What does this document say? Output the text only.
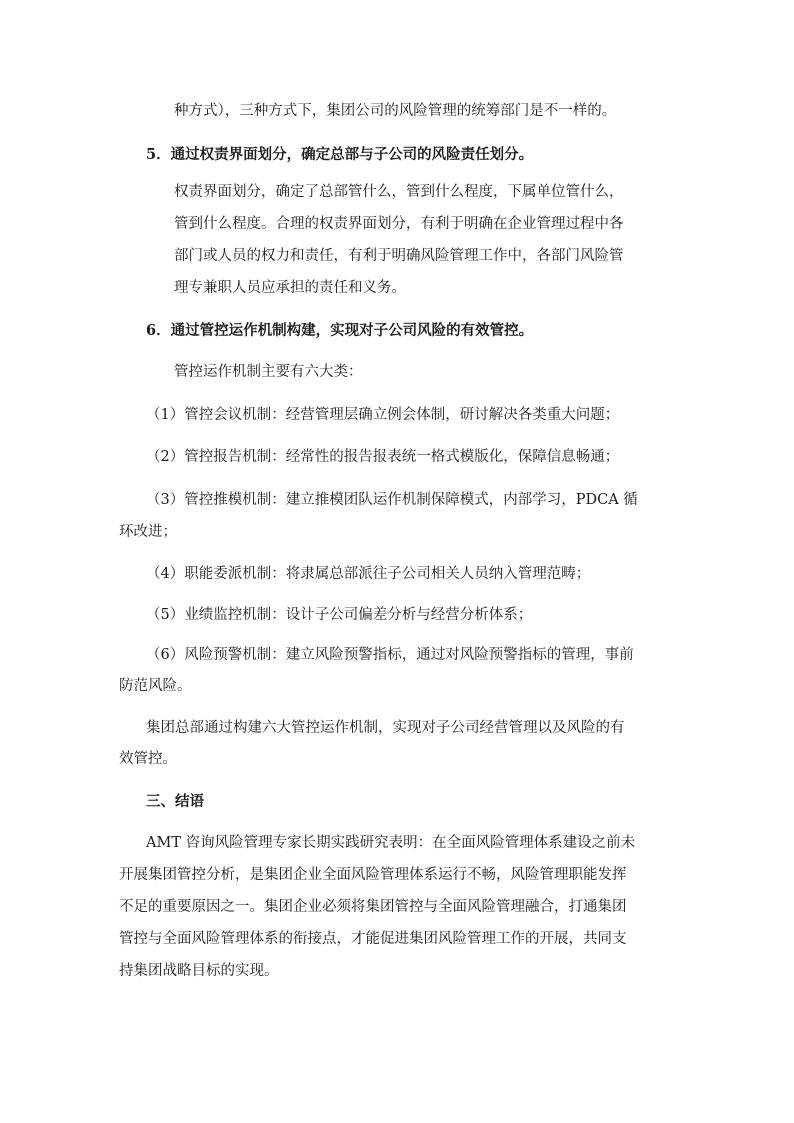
种方式），三种方式下，集团公司的风险管理的统筹部门是不一样的。
5．通过权责界面划分，确定总部与子公司的风险责任划分。
权责界面划分，确定了总部管什么，管到什么程度，下属单位管什么，
管到什么程度。合理的权责界面划分，有利于明确在企业管理过程中各
部门或人员的权力和责任，有利于明确风险管理工作中，各部门风险管
理专兼职人员应承担的责任和义务。
6．通过管控运作机制构建，实现对子公司风险的有效管控。
管控运作机制主要有六大类：
（1）管控会议机制：经营管理层确立例会体制，研讨解决各类重大问题；
（2）管控报告机制：经常性的报告报表统一格式模版化，保障信息畅通；
（3）管控推模机制：建立推模团队运作机制保障模式，内部学习，PDCA 循
环改进；
（4）职能委派机制：将隶属总部派往子公司相关人员纳入管理范畴；
（5）业绩监控机制：设计子公司偏差分析与经营分析体系；
（6）风险预警机制：建立风险预警指标，通过对风险预警指标的管理，事前
防范风险。
集团总部通过构建六大管控运作机制，实现对子公司经营管理以及风险的有
效管控。
三、结语
AMT 咨询风险管理专家长期实践研究表明：在全面风险管理体系建设之前未
开展集团管控分析，是集团企业全面风险管理体系运行不畅，风险管理职能发挥
不足的重要原因之一。集团企业必须将集团管控与全面风险管理融合，打通集团
管控与全面风险管理体系的衔接点，才能促进集团风险管理工作的开展，共同支
持集团战略目标的实现。
